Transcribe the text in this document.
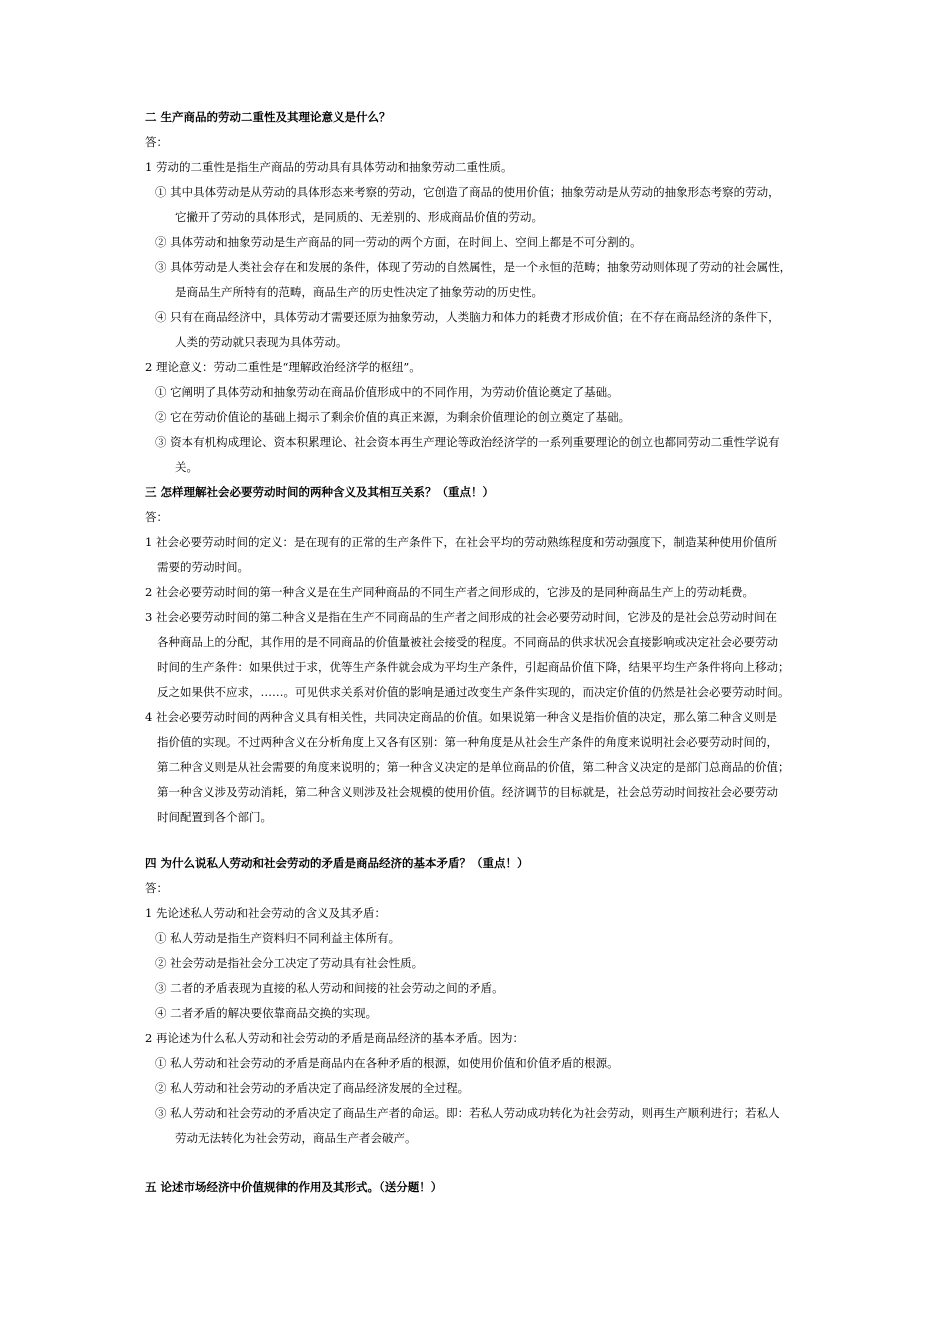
二 生产商品的劳动二重性及其理论意义是什么？
答：
1 劳动的二重性是指生产商品的劳动具有具体劳动和抽象劳动二重性质。
① 其中具体劳动是从劳动的具体形态来考察的劳动，它创造了商品的使用价值；抽象劳动是从劳动的抽象形态考察的劳动，
它撇开了劳动的具体形式，是同质的、无差别的、形成商品价值的劳动。
② 具体劳动和抽象劳动是生产商品的同一劳动的两个方面，在时间上、空间上都是不可分割的。
③ 具体劳动是人类社会存在和发展的条件，体现了劳动的自然属性，是一个永恒的范畴；抽象劳动则体现了劳动的社会属性，
是商品生产所特有的范畴，商品生产的历史性决定了抽象劳动的历史性。
④ 只有在商品经济中，具体劳动才需要还原为抽象劳动，人类脑力和体力的耗费才形成价值；在不存在商品经济的条件下，
人类的劳动就只表现为具体劳动。
2 理论意义：劳动二重性是“理解政治经济学的枢纽”。
① 它阐明了具体劳动和抽象劳动在商品价值形成中的不同作用，为劳动价值论奠定了基础。
② 它在劳动价值论的基础上揭示了剩余价值的真正来源，为剩余价值理论的创立奠定了基础。
③ 资本有机构成理论、资本积累理论、社会资本再生产理论等政治经济学的一系列重要理论的创立也都同劳动二重性学说有
关。
三 怎样理解社会必要劳动时间的两种含义及其相互关系？（重点！）
答：
1 社会必要劳动时间的定义：是在现有的正常的生产条件下，在社会平均的劳动熟练程度和劳动强度下，制造某种使用价值所
需要的劳动时间。
2 社会必要劳动时间的第一种含义是在生产同种商品的不同生产者之间形成的，它涉及的是同种商品生产上的劳动耗费。
3 社会必要劳动时间的第二种含义是指在生产不同商品的生产者之间形成的社会必要劳动时间，它涉及的是社会总劳动时间在
各种商品上的分配，其作用的是不同商品的价值量被社会接受的程度。不同商品的供求状况会直接影响或决定社会必要劳动
时间的生产条件：如果供过于求，优等生产条件就会成为平均生产条件，引起商品价值下降，结果平均生产条件将向上移动；
反之如果供不应求，……。可见供求关系对价值的影响是通过改变生产条件实现的，而决定价值的仍然是社会必要劳动时间。
4 社会必要劳动时间的两种含义具有相关性，共同决定商品的价值。如果说第一种含义是指价值的决定，那么第二种含义则是
指价值的实现。不过两种含义在分析角度上又各有区别：第一种角度是从社会生产条件的角度来说明社会必要劳动时间的，
第二种含义则是从社会需要的角度来说明的；第一种含义决定的是单位商品的价值，第二种含义决定的是部门总商品的价值；
第一种含义涉及劳动消耗，第二种含义则涉及社会规模的使用价值。经济调节的目标就是，社会总劳动时间按社会必要劳动
时间配置到各个部门。
四 为什么说私人劳动和社会劳动的矛盾是商品经济的基本矛盾？（重点！）
答：
1 先论述私人劳动和社会劳动的含义及其矛盾：
① 私人劳动是指生产资料归不同利益主体所有。
② 社会劳动是指社会分工决定了劳动具有社会性质。
③ 二者的矛盾表现为直接的私人劳动和间接的社会劳动之间的矛盾。
④ 二者矛盾的解决要依靠商品交换的实现。
2 再论述为什么私人劳动和社会劳动的矛盾是商品经济的基本矛盾。因为：
① 私人劳动和社会劳动的矛盾是商品内在各种矛盾的根源，如使用价值和价值矛盾的根源。
② 私人劳动和社会劳动的矛盾决定了商品经济发展的全过程。
③ 私人劳动和社会劳动的矛盾决定了商品生产者的命运。即：若私人劳动成功转化为社会劳动，则再生产顺利进行；若私人
劳动无法转化为社会劳动，商品生产者会破产。
五 论述市场经济中价值规律的作用及其形式。（送分题！）
